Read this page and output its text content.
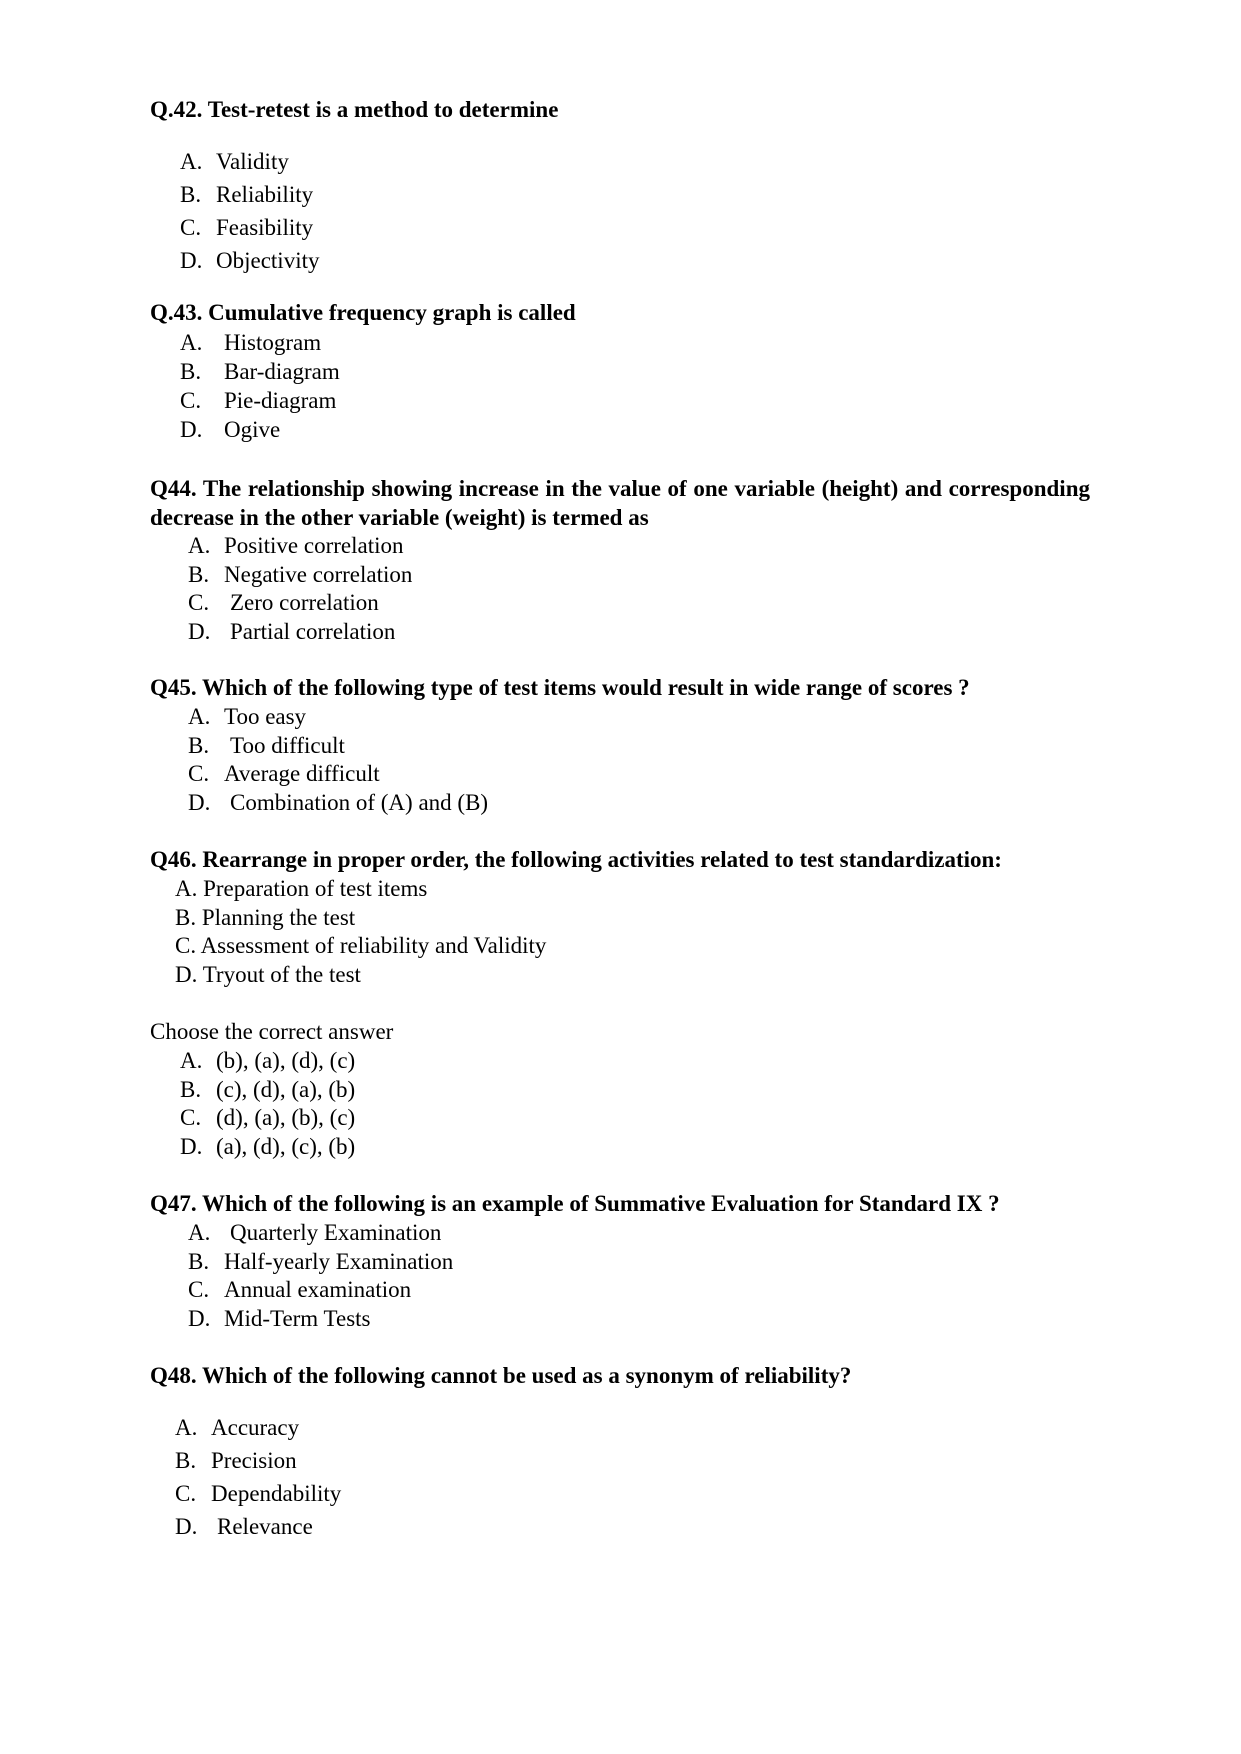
Q.42. Test-retest is a method to determine
A. Validity
B. Reliability
C. Feasibility
D. Objectivity
Q.43. Cumulative frequency graph is called
A. Histogram
B. Bar-diagram
C. Pie-diagram
D. Ogive
Q44. The relationship showing increase in the value of one variable (height) and corresponding decrease in the other variable (weight) is termed as
A. Positive correlation
B. Negative correlation
C. Zero correlation
D. Partial correlation
Q45. Which of the following type of test items would result in wide range of scores ?
A. Too easy
B. Too difficult
C. Average difficult
D. Combination of (A) and (B)
Q46. Rearrange in proper order, the following activities related to test standardization:
A. Preparation of test items
B. Planning the test
C. Assessment of reliability and Validity
D. Tryout of the test
Choose the correct answer
A. (b), (a), (d), (c)
B. (c), (d), (a), (b)
C. (d), (a), (b), (c)
D. (a), (d), (c), (b)
Q47. Which of the following is an example of Summative Evaluation for Standard IX ?
A. Quarterly Examination
B. Half-yearly Examination
C. Annual examination
D. Mid-Term Tests
Q48. Which of the following cannot be used as a synonym of reliability?
A. Accuracy
B. Precision
C. Dependability
D. Relevance
